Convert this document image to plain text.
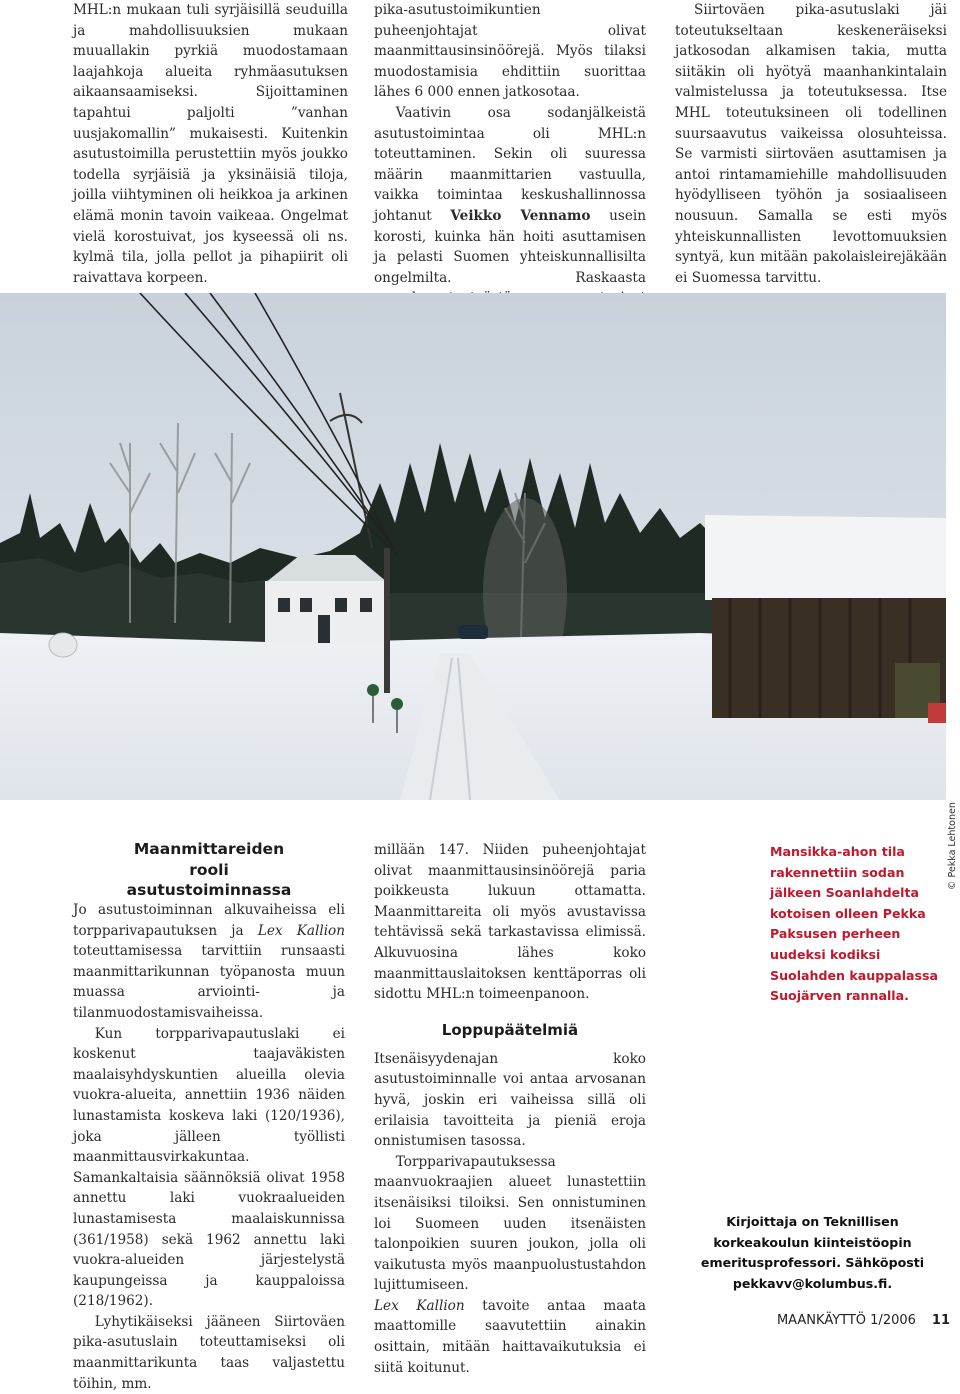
MHL:n mukaan tuli syrjäisillä seuduilla ja mahdollisuuksien mukaan muuallakin pyrkiä muodostamaan laajahkoja alueita ryhmäasutuksen aikaansaamiseksi. Sijoittaminen tapahtui paljolti ”vanhan uusjakomallin” mukaisesti. Kuitenkin asutustoimilla perustettiin myös joukko todella syrjäisiä ja yksinäisiä tiloja, joilla viihtyminen oli heikkoa ja arkinen elämä monin tavoin vaikeaa. Ongelmat vielä korostuivat, jos kyseessä oli ns. kylmä tila, jolla pellot ja pihapiirit oli raivattava korpeen.

pika-asutustoimikuntien puheenjohtajat olivat maanmittausinsinöörejä. Myös tilaksi muodostamisia ehdittiin suorittaa lähes 6 000 ennen jatkosotaa.

Vaativin osa sodanjälkeistä asutustoimintaa oli MHL:n toteuttaminen. Sekin oli suuressa määrin maanmittarien vastuulla, vaikka toimintaa keskushallinnossa johtanut Veikko Vennamo usein korosti, kuinka hän hoiti asuttamisen ja pelasti Suomen yhteiskunnallisilta ongelmilta. Raskaasta

Siirtoväen pika-asutuslaki jäi toteutukseltaan keskeneräiseksi jatkosodan alkamisen takia, mutta siitäkin oli hyötyä maanhankintalain valmistelussa ja toteutuksessa. Itse MHL toteutuksineen oli todellinen suursaavutus vaikeissa olosuhteissa. Se varmisti siirtoväen asuttamisen ja antoi rintamamiehille mahdollisuuden hyödylliseen työhön ja sosiaaliseen nousuun. Samalla se esti myös yhteiskunnallisten levottomuuksien syntyä, kun mitään pakolaisleirejäkään ei Suomessa tarvittu.

© Pekka Lehtonen
Maanmittareiden
rooli
asutustoiminnassa

Jo asutustoiminnan alkuvaiheissa eli torpparivapautuksen ja Lex Kallion toteuttamisessa tarvittiin runsaasti maanmittarikunnan työpanosta muun muassa arviointi- ja tilanmuodostamisvaiheissa.

Kun torpparivapautuslaki ei koskenut taajaväkisten maalaisyhdyskuntien alueilla olevia vuokra-alueita, annettiin 1936 näiden lunastamista koskeva laki (120/1936), joka jälleen työllisti maanmittausvirkakuntaa. Samankaltaisia säännöksiä olivat 1958 annettu laki vuokraalueiden lunastamisesta maalaiskunnissa (361/1958) sekä 1962 annettu laki vuokra-alueiden järjestelystä kaupungeissa ja kauppaloissa (218/1962).

Lyhytikäiseksi jääneen Siirtoväen pika-asutuslain toteuttamiseksi oli maanmittarikunta taas valjastettu töihin, mm.

millään 147. Niiden puheenjohtajat olivat maanmittausinsinöörejä paria poikkeusta lukuun ottamatta. Maanmittareita oli myös avustavissa tehtävissä sekä tarkastavissa elimissä. Alkuvuosina lähes koko maanmittauslaitoksen kenttäporras oli sidottu MHL:n toimeenpanoon.

Loppupäätelmiä

Itsenäisyydenajan koko asutustoiminnalle voi antaa arvosanan hyvä, joskin eri vaiheissa sillä oli erilaisia tavoitteita ja pieniä eroja onnistumisen tasossa.

Torpparivapautuksessa maanvuokraajien alueet lunastettiin itsenäisiksi tiloiksi. Sen onnistuminen loi Suomeen uuden itsenäisten talonpoikien suuren joukon, jolla oli vaikutusta myös maanpuolustustahdon lujittumiseen.

Lex Kallion tavoite antaa maata maattomille saavutettiin ainakin osittain, mitään haittavaikutuksia ei siitä koitunut.

Mansikka-ahon tila rakennettiin sodan jälkeen Soanlahdelta kotoisen olleen Pekka Paksusen perheen uudeksi kodiksi Suolahden kauppalassa Suojärven rannalla.
Kirjoittaja on Teknillisen korkeakoulun kiinteistöopin emeritusprofessori. Sähköposti pekkavv@kolumbus.fi.
MAANKÄYTTÖ 1/2006 11
